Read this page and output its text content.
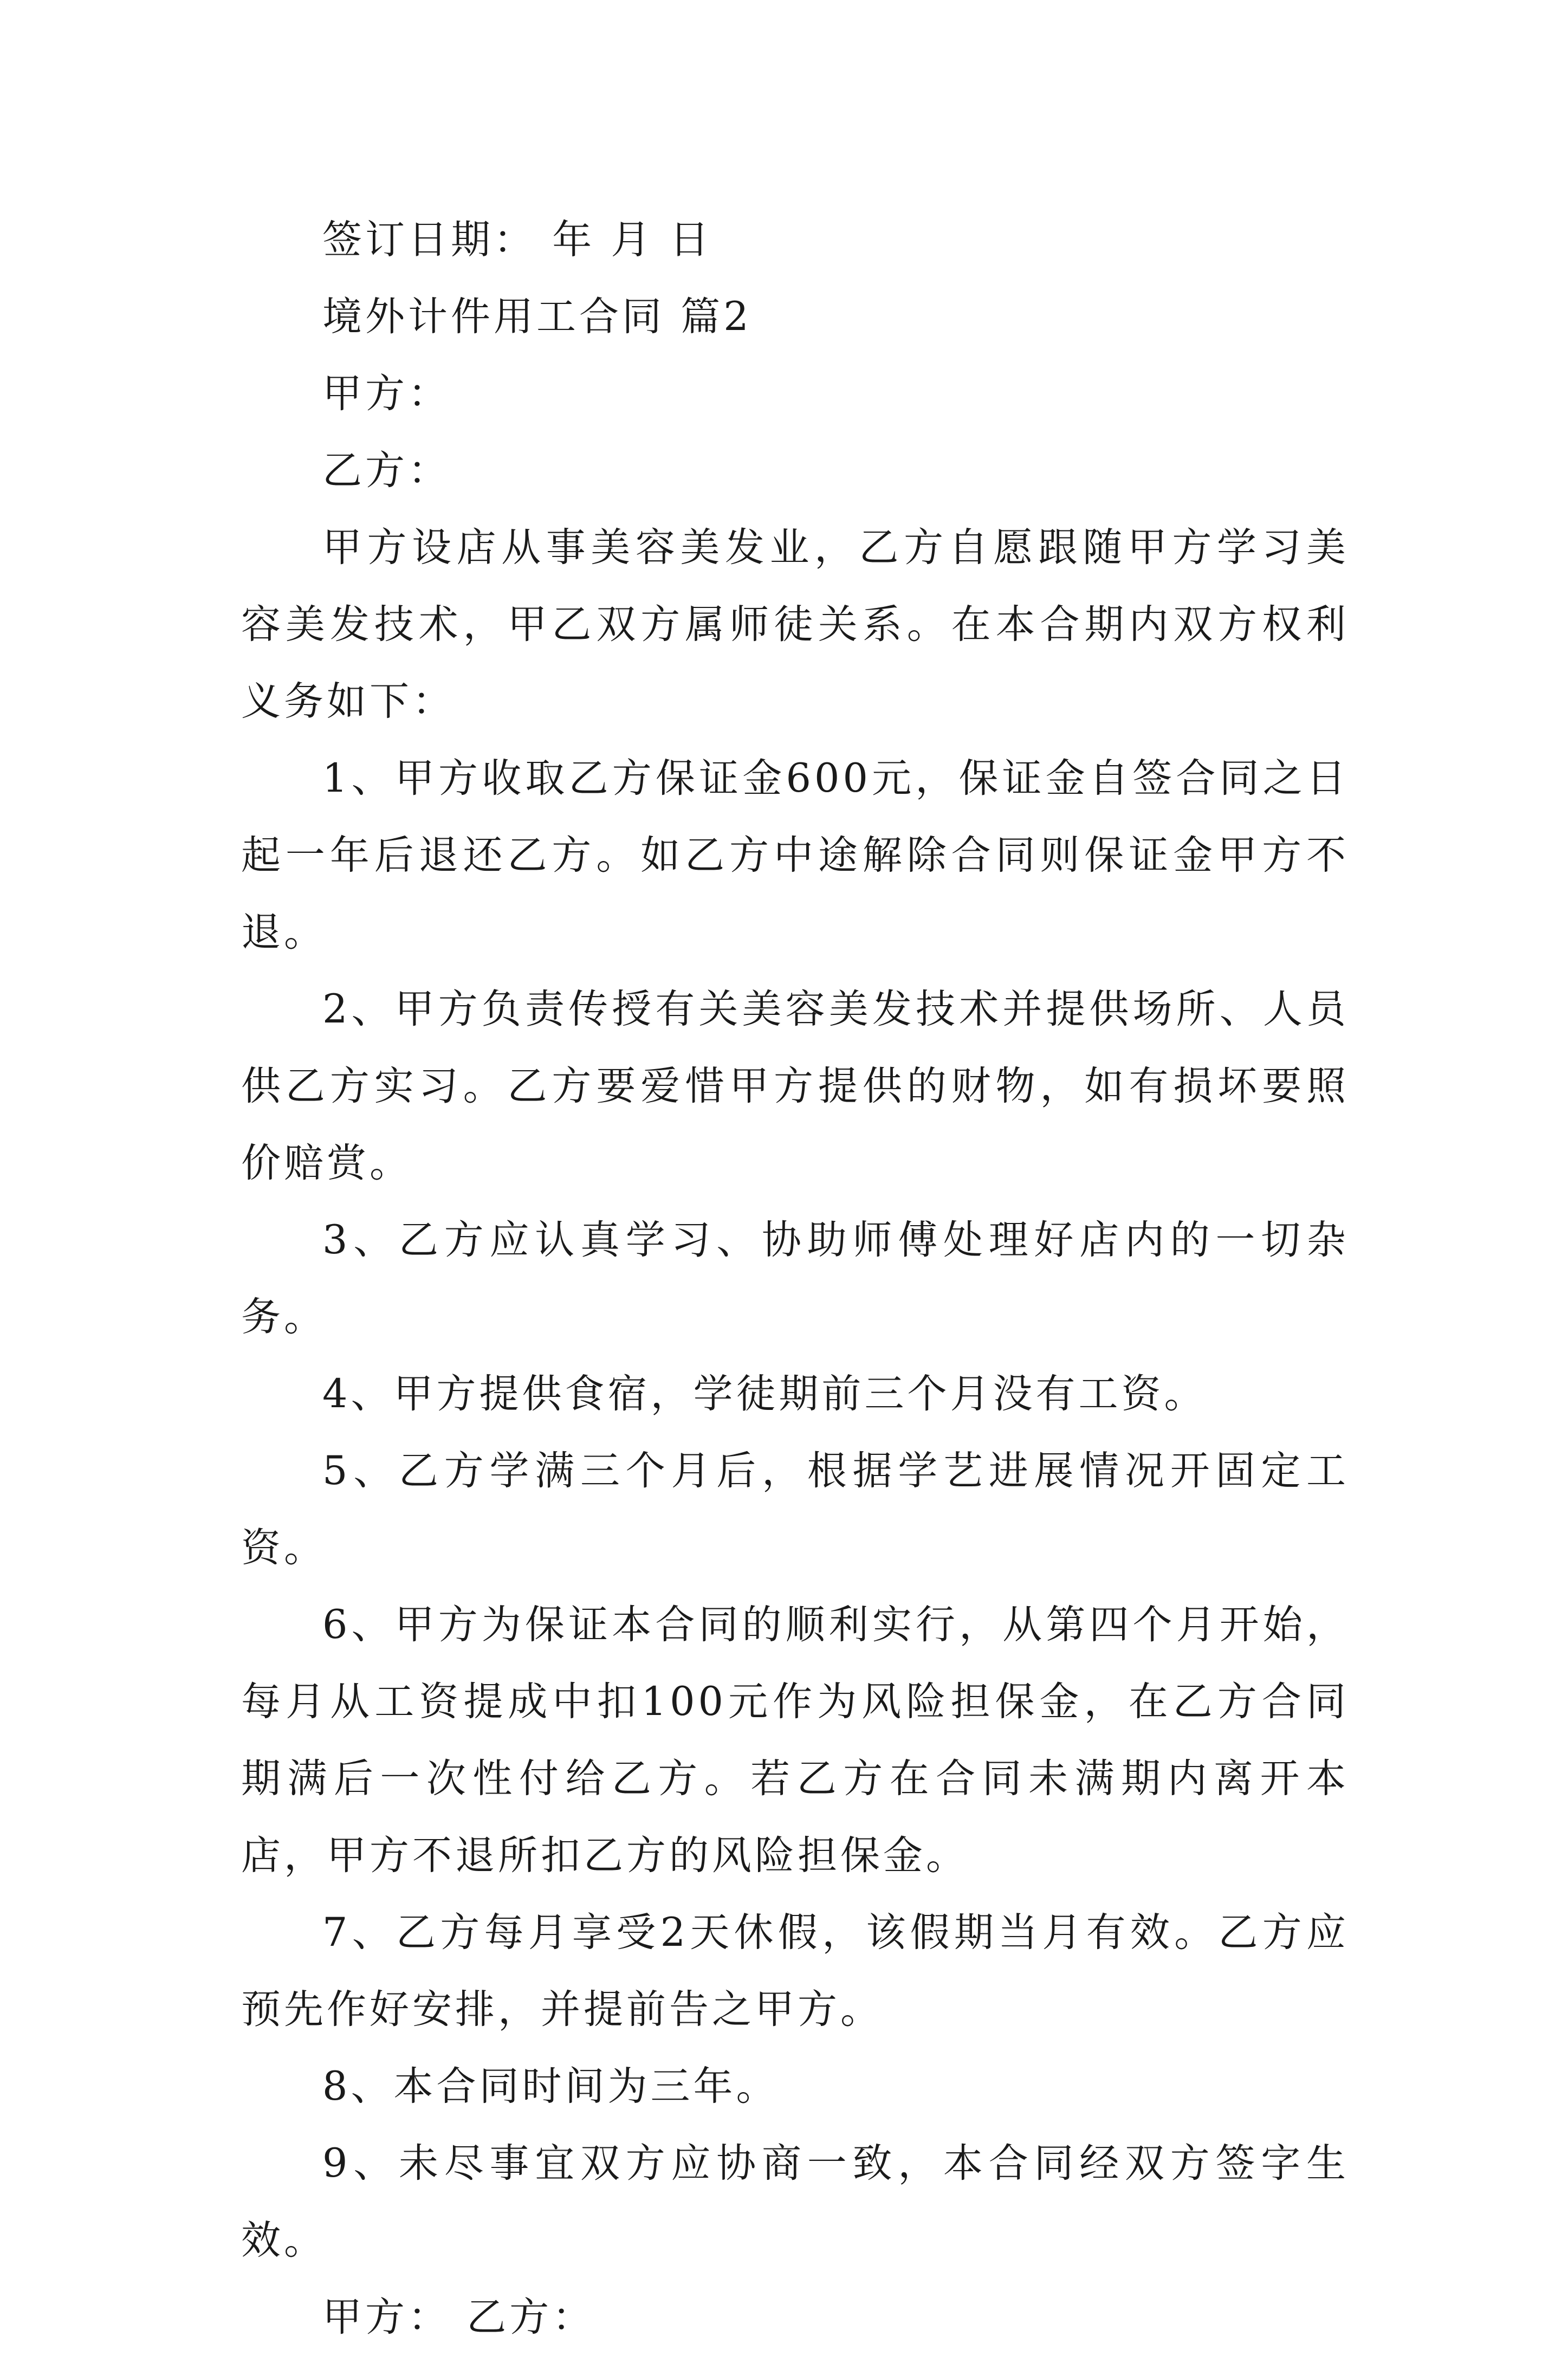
签订日期： 年 月 日

境外计件用工合同 篇2

甲方：

乙方：

甲方设店从事美容美发业，乙方自愿跟随甲方学习美容美发技术，甲乙双方属师徒关系。在本合期内双方权利义务如下：

1、甲方收取乙方保证金600元，保证金自签合同之日起一年后退还乙方。如乙方中途解除合同则保证金甲方不退。

2、甲方负责传授有关美容美发技术并提供场所、人员供乙方实习。乙方要爱惜甲方提供的财物，如有损坏要照价赔赏。

3、乙方应认真学习、协助师傅处理好店内的一切杂务。

4、甲方提供食宿，学徒期前三个月没有工资。

5、乙方学满三个月后，根据学艺进展情况开固定工资。

6、甲方为保证本合同的顺利实行，从第四个月开始，每月从工资提成中扣100元作为风险担保金，在乙方合同期满后一次性付给乙方。若乙方在合同未满期内离开本店，甲方不退所扣乙方的风险担保金。

7、乙方每月享受2天休假，该假期当月有效。乙方应预先作好安排，并提前告之甲方。

8、本合同时间为三年。

9、未尽事宜双方应协商一致，本合同经双方签字生效。

甲方： 乙方：
